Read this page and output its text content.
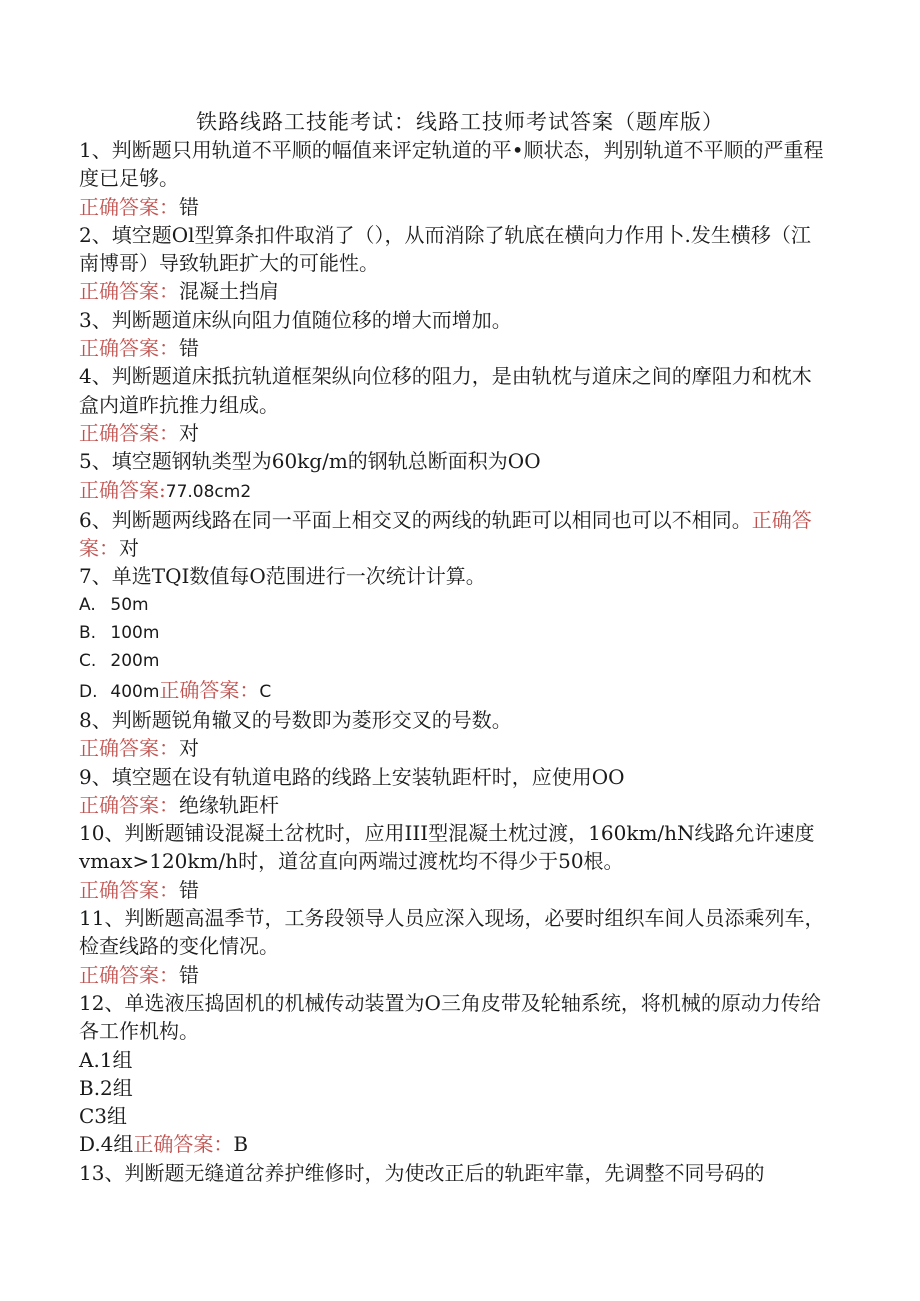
铁路线路工技能考试：线路工技师考试答案（题库版）

1、判断题只用轨道不平顺的幅值来评定轨道的平•顺状态，判别轨道不平顺的严重程度已足够。

正确答案：错

2、填空题Ol型算条扣件取消了（），从而消除了轨底在横向力作用卜.发生横移（江南博哥）导致轨距扩大的可能性。

正确答案：混凝土挡肩

3、判断题道床纵向阻力值随位移的增大而增加。

正确答案：错

4、判断题道床抵抗轨道框架纵向位移的阻力，是由轨枕与道床之间的摩阻力和枕木盒内道昨抗推力组成。

正确答案：对

5、填空题钢轨类型为60kg∕m的钢轨总断面积为OO

正确答案:77.08cm2

6、判断题两线路在同一平面上相交叉的两线的轨距可以相同也可以不相同。正确答案：对

7、单选TQI数值每O范围进行一次统计计算。

A. 50m

B. 100m

C. 200m

D. 400m正确答案：C

8、判断题锐角辙叉的号数即为菱形交叉的号数。

正确答案：对

9、填空题在设有轨道电路的线路上安装轨距杆时，应使用OO

正确答案：绝缘轨距杆

10、判断题铺设混凝土岔枕时，应用III型混凝土枕过渡，160km∕hN线路允许速度vmax>120km∕h时，道岔直向两端过渡枕均不得少于50根。

正确答案：错

11、判断题高温季节，工务段领导人员应深入现场，必要时组织车间人员添乘列车，检查线路的变化情况。

正确答案：错

12、单选液压捣固机的机械传动装置为O三角皮带及轮轴系统，将机械的原动力传给各工作机构。

A.1组

B.2组

C3组

D.4组正确答案：B

13、判断题无缝道岔养护维修时，为使改正后的轨距牢靠，先调整不同号码的
